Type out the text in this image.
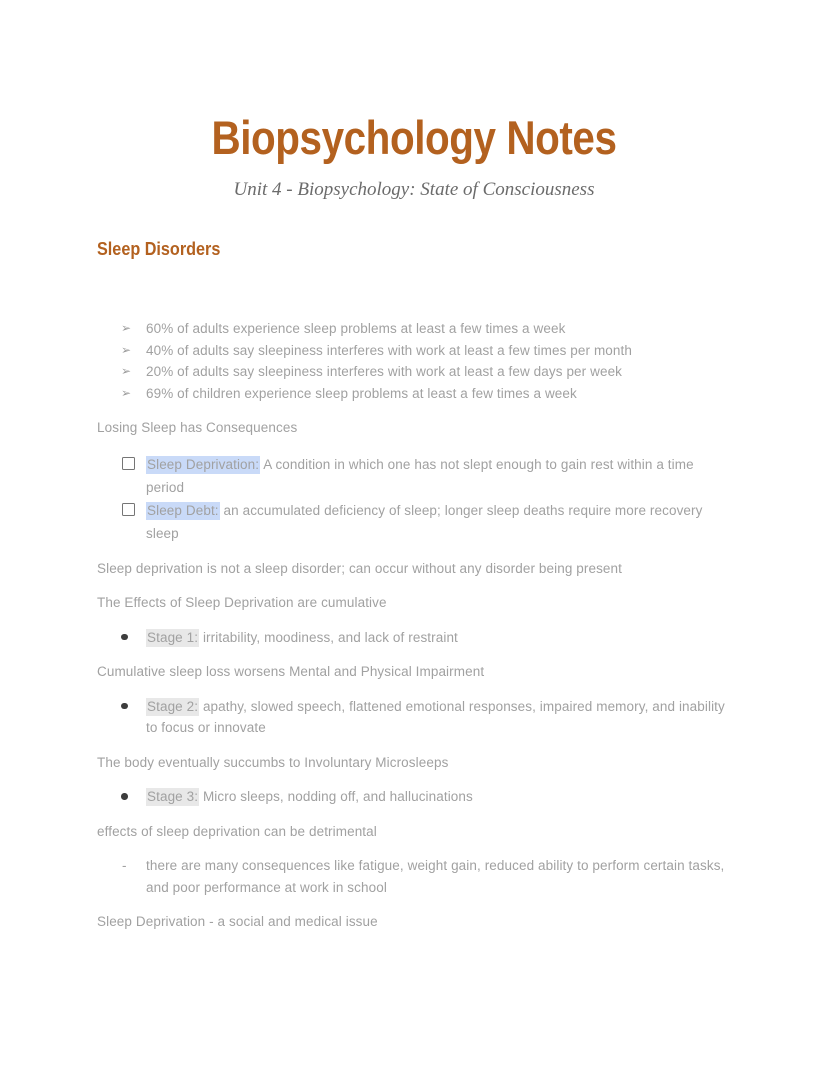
Biopsychology Notes
Unit 4 - Biopsychology: State of Consciousness
Sleep Disorders
➢	60% of adults experience sleep problems at least a few times a week
➢	40% of adults say sleepiness interferes with work at least a few times per month
➢	20% of adults say sleepiness interferes with work at least a few days per week
➢	69% of children experience sleep problems at least a few times a week

Losing Sleep has Consequences

Sleep Deprivation: A condition in which one has not slept enough to gain rest within a time period
Sleep Debt: an accumulated deficiency of sleep; longer sleep deaths require more recovery sleep

Sleep deprivation is not a sleep disorder; can occur without any disorder being present

The Effects of Sleep Deprivation are cumulative

Stage 1: irritability, moodiness, and lack of restraint

Cumulative sleep loss worsens Mental and Physical Impairment

Stage 2: apathy, slowed speech, flattened emotional responses, impaired memory, and inability to focus or innovate

The body eventually succumbs to Involuntary Microsleeps

Stage 3: Micro sleeps, nodding off, and hallucinations

effects of sleep deprivation can be detrimental

-	there are many consequences like fatigue, weight gain, reduced ability to perform certain tasks, and poor performance at work in school

Sleep Deprivation - a social and medical issue
